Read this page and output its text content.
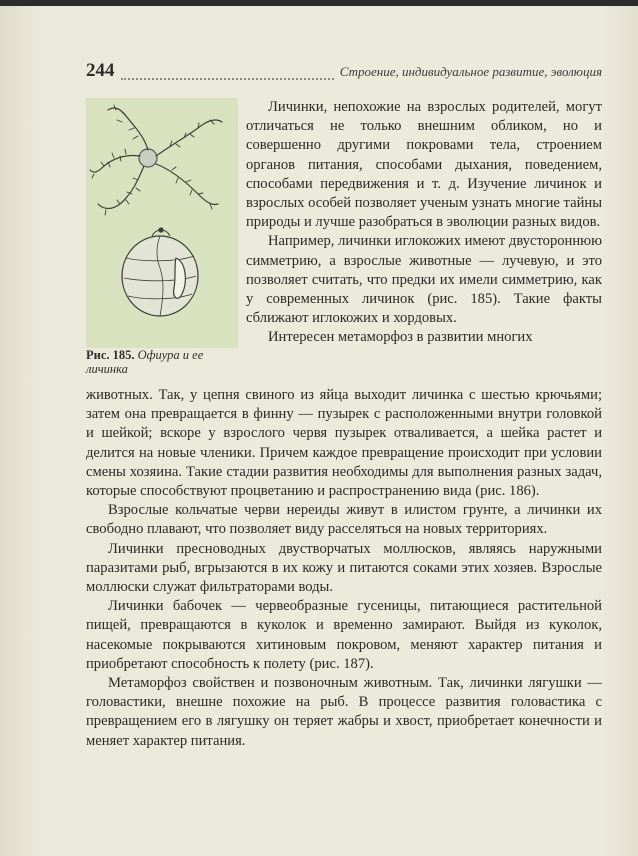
244	Строение, индивидуальное развитие, эволюция
Рис. 185. Офиура и ее личинка

Личинки, непохожие на взрослых родителей, могут отличаться не только внешним обликом, но и совершенно другими покровами тела, строением органов питания, способами дыхания, поведением, способами передвижения и т. д. Изучение личинок и взрослых особей позволяет ученым узнать многие тайны природы и лучше разобраться в эволюции разных видов.

Например, личинки иглокожих имеют двустороннюю симметрию, а взрослые животные — лучевую, и это позволяет считать, что предки их имели симметрию, как у современных личинок (рис. 185). Такие факты сближают иглокожих и хордовых.

Интересен метаморфоз в развитии многих

животных. Так, у цепня свиного из яйца выходит личинка с шестью крючьями; затем она превращается в финну — пузырек с расположенными внутри головкой и шейкой; вскоре у взрослого червя пузырек отваливается, а шейка растет и делится на новые членики. Причем каждое превращение происходит при условии смены хозяина. Такие стадии развития необходимы для выполнения разных задач, которые способствуют процветанию и распространению вида (рис. 186).

Взрослые кольчатые черви нереиды живут в илистом грунте, а личинки их свободно плавают, что позволяет виду расселяться на новых территориях.

Личинки пресноводных двустворчатых моллюсков, являясь наружными паразитами рыб, вгрызаются в их кожу и питаются соками этих хозяев. Взрослые моллюски служат фильтраторами воды.

Личинки бабочек — червеобразные гусеницы, питающиеся растительной пищей, превращаются в куколок и временно замирают. Выйдя из куколок, насекомые покрываются хитиновым покровом, меняют характер питания и приобретают способность к полету (рис. 187).

Метаморфоз свойствен и позвоночным животным. Так, личинки лягушки — головастики, внешне похожие на рыб. В процессе развития головастика с превращением его в лягушку он теряет жабры и хвост, приобретает конечности и меняет характер питания.
